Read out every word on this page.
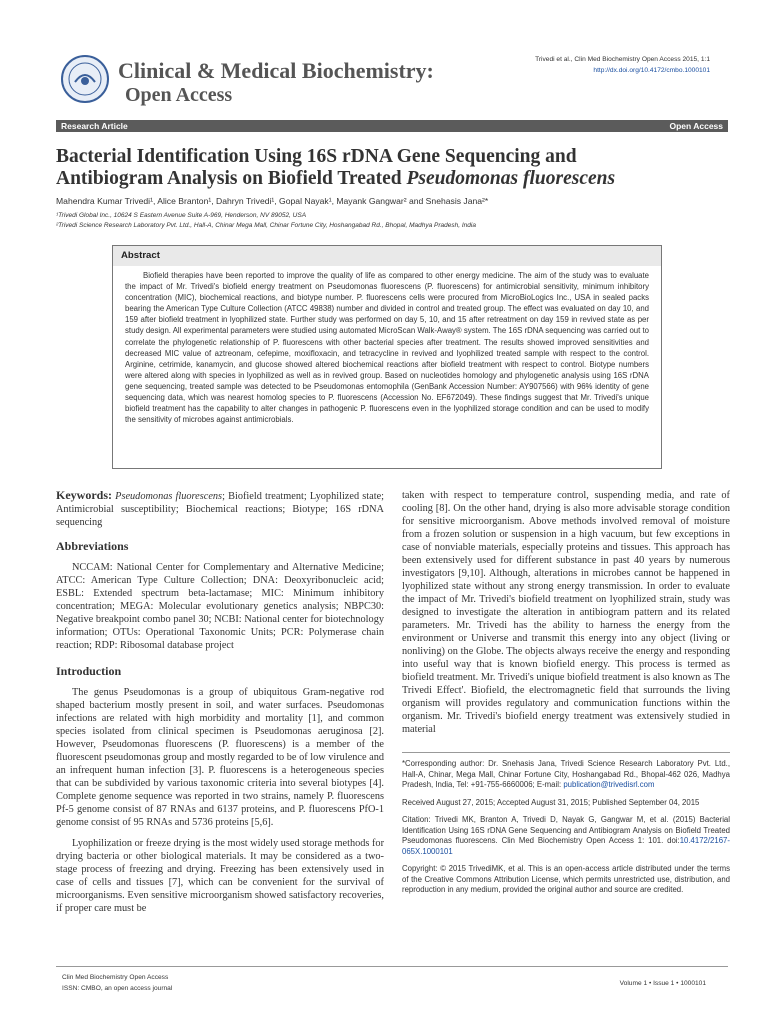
Clinical & Medical Biochemistry:
Open Access
Trivedi et al., Clin Med Biochemistry Open Access 2015, 1:1
http://dx.doi.org/10.4172/cmbo.1000101
Research Article	Open Access
Bacterial Identification Using 16S rDNA Gene Sequencing and
Antibiogram Analysis on Biofield Treated Pseudomonas fluorescens
Mahendra Kumar Trivedi¹, Alice Branton¹, Dahryn Trivedi¹, Gopal Nayak¹, Mayank Gangwar² and Snehasis Jana²*
¹Trivedi Global Inc., 10624 S Eastern Avenue Suite A-969, Henderson, NV 89052, USA
²Trivedi Science Research Laboratory Pvt. Ltd., Hall-A, Chinar Mega Mall, Chinar Fortune City, Hoshangabad Rd., Bhopal, Madhya Pradesh, India
Abstract
Biofield therapies have been reported to improve the quality of life as compared to other energy medicine. The aim of the study was to evaluate the impact of Mr. Trivedi's biofield energy treatment on Pseudomonas fluorescens (P. fluorescens) for antimicrobial sensitivity, minimum inhibitory concentration (MIC), biochemical reactions, and biotype number. P. fluorescens cells were procured from MicroBioLogics Inc., USA in sealed packs bearing the American Type Culture Collection (ATCC 49838) number and divided in control and treated group. The effect was evaluated on day 10, and 159 after biofield treatment in lyophilized state. Further study was performed on day 5, 10, and 15 after retreatment on day 159 in revived state as per study design. All experimental parameters were studied using automated MicroScan Walk-Away® system. The 16S rDNA sequencing was carried out to correlate the phylogenetic relationship of P. fluorescens with other bacterial species after treatment. The results showed improved sensitivities and decreased MIC value of aztreonam, cefepime, moxifloxacin, and tetracycline in revived and lyophilized treated sample with respect to the control. Arginine, cetrimide, kanamycin, and glucose showed altered biochemical reactions after biofield treatment with respect to control. Biotype numbers were altered along with species in lyophilized as well as in revived group. Based on nucleotides homology and phylogenetic analysis using 16S rDNA gene sequencing, treated sample was detected to be Pseudomonas entomophila (GenBank Accession Number: AY907566) with 96% identity of gene sequencing data, which was nearest homolog species to P. fluorescens (Accession No. EF672049). These findings suggest that Mr. Trivedi's unique biofield treatment has the capability to alter changes in pathogenic P. fluorescens even in the lyophilized storage condition and can be used to modify the sensitivity of microbes against antimicrobials.

Keywords: Pseudomonas fluorescens; Biofield treatment; Lyophilized state; Antimicrobial susceptibility; Biochemical reactions; Biotype; 16S rDNA sequencing

Abbreviations

NCCAM: National Center for Complementary and Alternative Medicine; ATCC: American Type Culture Collection; DNA: Deoxyribonucleic acid; ESBL: Extended spectrum beta-lactamase; MIC: Minimum inhibitory concentration; MEGA: Molecular evolutionary genetics analysis; NBPC30: Negative breakpoint combo panel 30; NCBI: National center for biotechnology information; OTUs: Operational Taxonomic Units; PCR: Polymerase chain reaction; RDP: Ribosomal database project

Introduction

The genus Pseudomonas is a group of ubiquitous Gram-negative rod shaped bacterium mostly present in soil, and water surfaces. Pseudomonas infections are related with high morbidity and mortality [1], and common species isolated from clinical specimen is Pseudomonas aeruginosa [2]. However, Pseudomonas fluorescens (P. fluorescens) is a member of the fluorescent pseudomonas group and mostly regarded to be of low virulence and an infrequent human infection [3]. P. fluorescens is a heterogeneous species that can be subdivided by various taxonomic criteria into several biotypes [4]. Complete genome sequence was reported in two strains, namely P. fluorescens Pf-5 genome consist of 87 RNAs and 6137 proteins, and P. fluorescens PfO-1 genome consist of 95 RNAs and 5736 proteins [5,6].

Lyophilization or freeze drying is the most widely used storage methods for drying bacteria or other biological materials. It may be considered as a two-stage process of freezing and drying. Freezing has been extensively used in case of cells and tissues [7], which can be convenient for the survival of microorganisms. Even sensitive microorganism showed satisfactory recoveries, if proper care must be

taken with respect to temperature control, suspending media, and rate of cooling [8]. On the other hand, drying is also more advisable storage condition for sensitive microorganism. Above methods involved removal of moisture from a frozen solution or suspension in a high vacuum, but few exceptions in case of nonviable materials, especially proteins and tissues. This approach has been extensively used for different substance in past 40 years by numerous investigators [9,10]. Although, alterations in microbes cannot be happened in lyophilized state without any strong energy transmission. In order to evaluate the impact of Mr. Trivedi's biofield treatment on lyophilized strain, study was designed to investigate the alteration in antibiogram pattern and its related parameters. Mr. Trivedi has the ability to harness the energy from the environment or Universe and transmit this energy into any object (living or nonliving) on the Globe. The objects always receive the energy and responding into useful way that is known biofield energy. This process is termed as biofield treatment. Mr. Trivedi's unique biofield treatment is also known as The Trivedi Effect'. Biofield, the electromagnetic field that surrounds the living organism will provides regulatory and communication functions within the organism. Mr. Trivedi's biofield energy treatment was extensively studied in material

*Corresponding author: Dr. Snehasis Jana, Trivedi Science Research Laboratory Pvt. Ltd., Hall-A, Chinar, Mega Mall, Chinar Fortune City, Hoshangabad Rd., Bhopal-462 026, Madhya Pradesh, India, Tel: +91-755-6660006; E-mail: publication@trivedisrl.com

Received August 27, 2015; Accepted August 31, 2015; Published September 04, 2015

Citation: Trivedi MK, Branton A, Trivedi D, Nayak G, Gangwar M, et al. (2015) Bacterial Identification Using 16S rDNA Gene Sequencing and Antibiogram Analysis on Biofield Treated Pseudomonas fluorescens. Clin Med Biochemistry Open Access 1: 101. doi:10.4172/2167-065X.1000101

Copyright: © 2015 TrivediMK, et al. This is an open-access article distributed under the terms of the Creative Commons Attribution License, which permits unrestricted use, distribution, and reproduction in any medium, provided the original author and source are credited.

Clin Med Biochemistry Open Access
ISSN: CMBO, an open access journal
Volume 1 • Issue 1 • 1000101
